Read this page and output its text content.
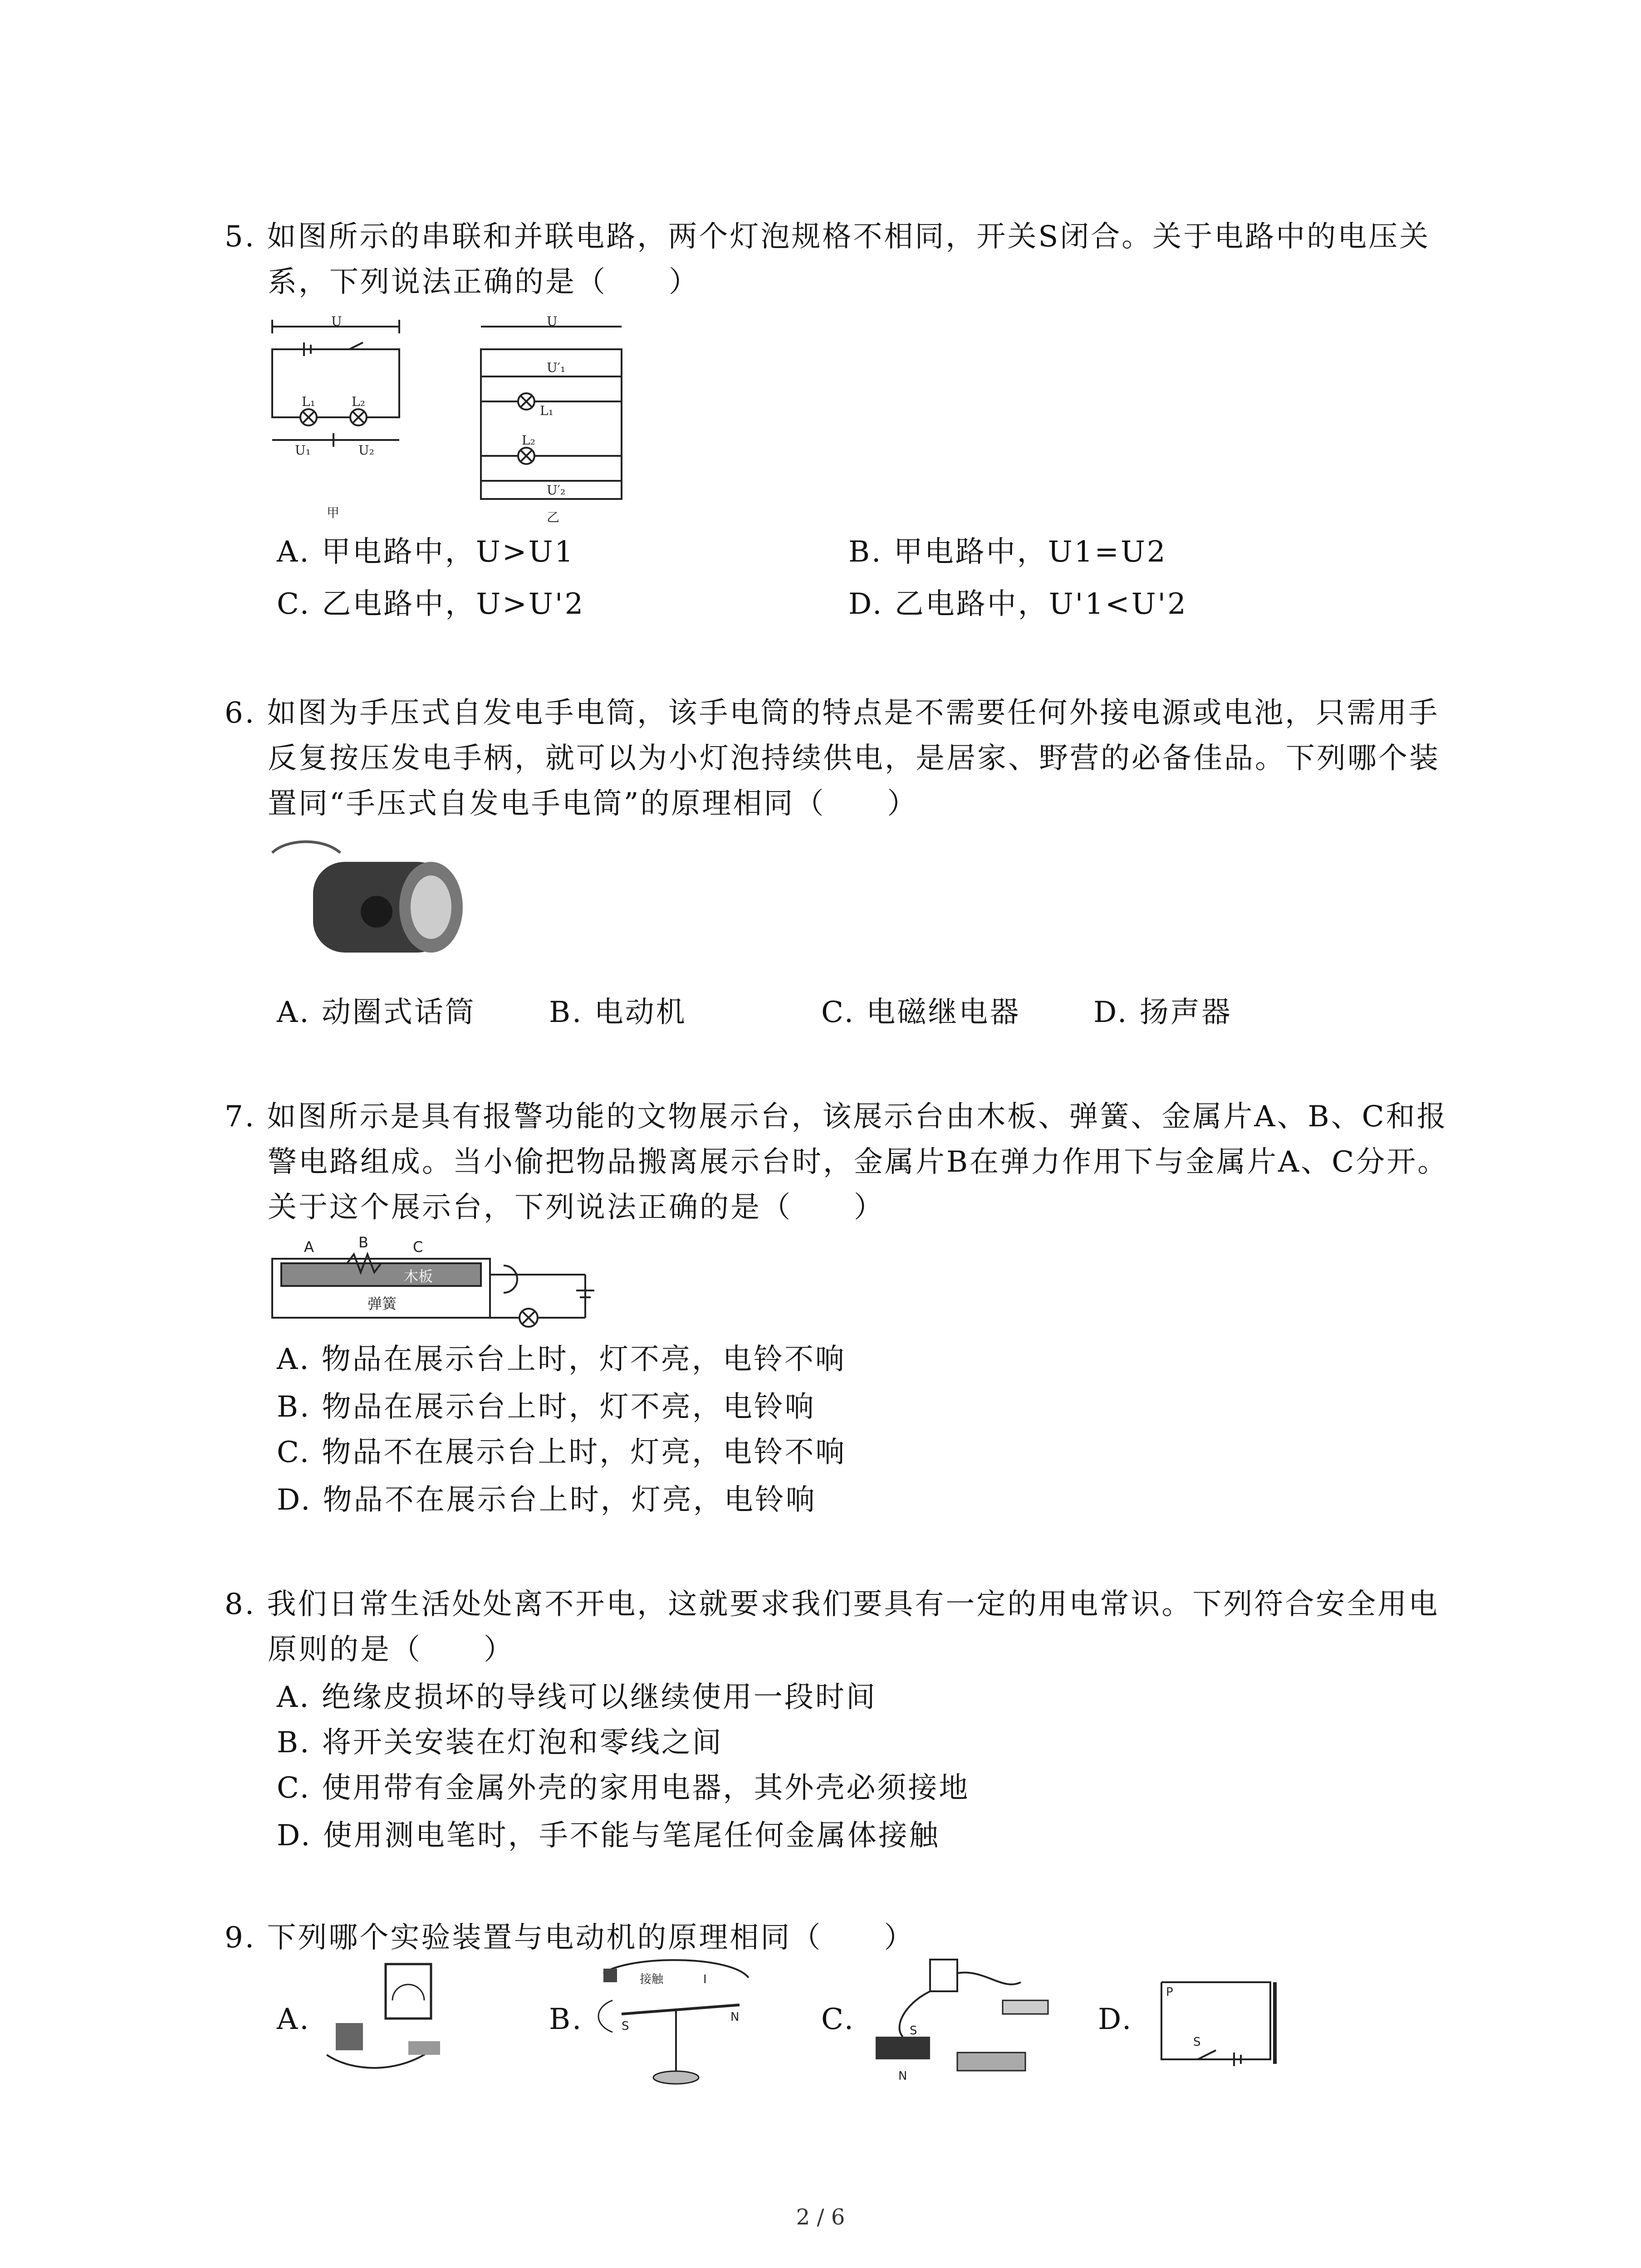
5. 如图所示的串联和并联电路，两个灯泡规格不相同，开关S闭合。关于电路中的电压关
系，下列说法正确的是（　　）
U
L₁	L₂
U₁	U₂
甲
U
U′₁
L₁
L₂
U′₂
乙
A. 甲电路中，U>U1	B. 甲电路中，U1=U2
C. 乙电路中，U>U'2	D. 乙电路中，U'1<U'2
6. 如图为手压式自发电手电筒，该手电筒的特点是不需要任何外接电源或电池，只需用手
反复按压发电手柄，就可以为小灯泡持续供电，是居家、野营的必备佳品。下列哪个装
置同“手压式自发电手电筒”的原理相同（　　）
A. 动圈式话筒	B. 电动机	C. 电磁继电器	D. 扬声器
7. 如图所示是具有报警功能的文物展示台，该展示台由木板、弹簧、金属片A、B、C和报
警电路组成。当小偷把物品搬离展示台时，金属片B在弹力作用下与金属片A、C分开。
关于这个展示台，下列说法正确的是（　　）
A	B	C
木板
弹簧
A. 物品在展示台上时，灯不亮，电铃不响
B. 物品在展示台上时，灯不亮，电铃响
C. 物品不在展示台上时，灯亮，电铃不响
D. 物品不在展示台上时，灯亮，电铃响
8. 我们日常生活处处离不开电，这就要求我们要具有一定的用电常识。下列符合安全用电
原则的是（　　）
A. 绝缘皮损坏的导线可以继续使用一段时间
B. 将开关安装在灯泡和零线之间
C. 使用带有金属外壳的家用电器，其外壳必须接地
D. 使用测电笔时，手不能与笔尾任何金属体接触
9. 下列哪个实验装置与电动机的原理相同（　　）
A.	B.
接触	I
S
N	C.	S
N
D.
P
S
2 / 6
